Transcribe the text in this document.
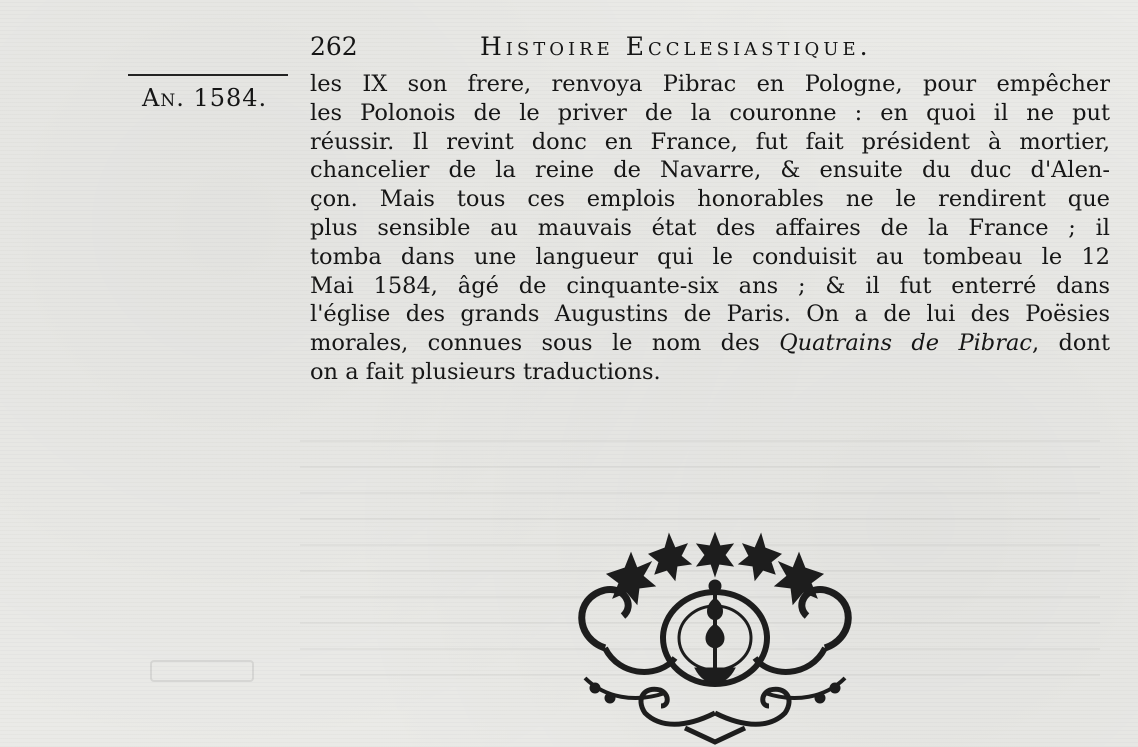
262	Histoire Ecclesiastique.
An. 1584. les IX son frere, renvoya Pibrac en Pologne, pour empêcher
les Polonois de le priver de la couronne : en quoi il ne put
réussir. Il revint donc en France, fut fait président à mortier,
chancelier de la reine de Navarre, & ensuite du duc d'Alen-
çon. Mais tous ces emplois honorables ne le rendirent que
plus sensible au mauvais état des affaires de la France ; il
tomba dans une langueur qui le conduisit au tombeau le 12
Mai 1584, âgé de cinquante-six ans ; & il fut enterré dans
l'église des grands Augustins de Paris. On a de lui des Poësies
morales, connues sous le nom des Quatrains de Pibrac, dont
on a fait plusieurs traductions.
